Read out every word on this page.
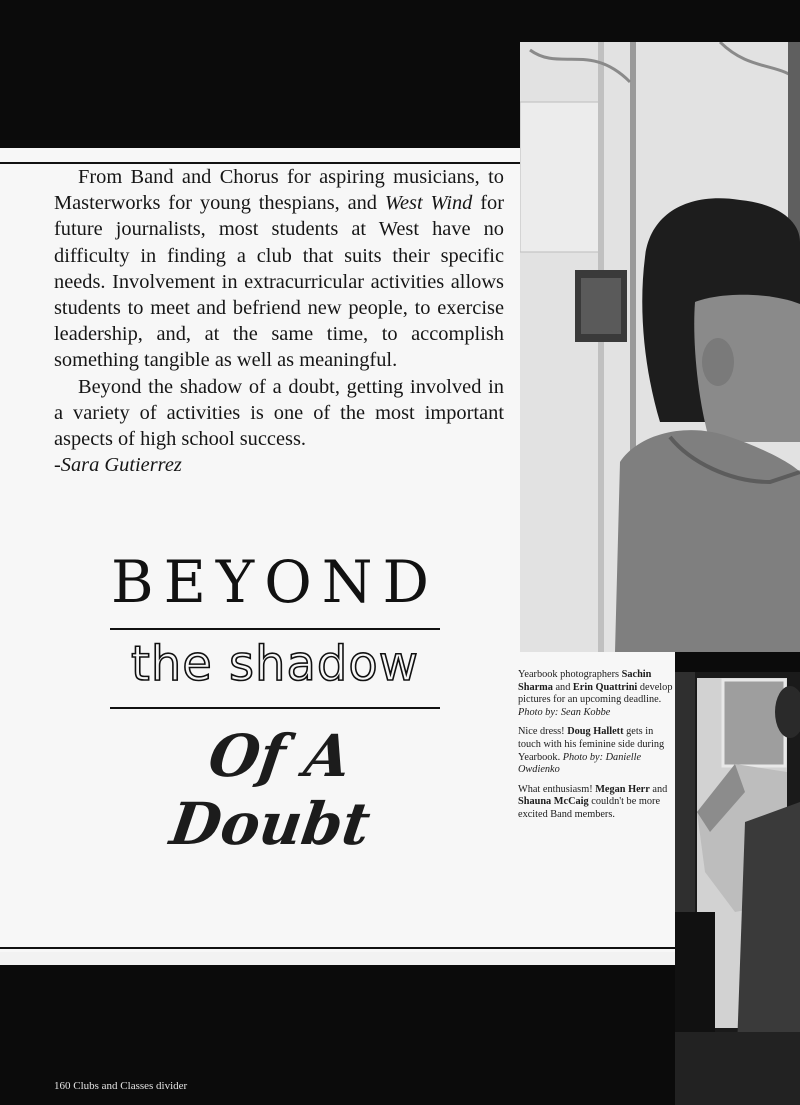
From Band and Chorus for aspiring musicians, to Masterworks for young thespians, and West Wind for future journalists, most students at West have no difficulty in finding a club that suits their specific needs. Involvement in extracurricular activities allows students to meet and befriend new people, to exercise leadership, and, at the same time, to accomplish something tangible as well as meaningful.

Beyond the shadow of a doubt, getting involved in a variety of activities is one of the most important aspects of high school success.

-Sara Gutierrez

BEYOND
the shadow
Of A Doubt

Yearbook photographers Sachin Sharma and Erin Quattrini develop pictures for an upcoming deadline. Photo by: Sean Kobbe

Nice dress! Doug Hallett gets in touch with his feminine side during Yearbook. Photo by: Danielle Owdienko

What enthusiasm! Megan Herr and Shauna McCaig couldn't be more excited Band members.

160 Clubs and Classes divider
